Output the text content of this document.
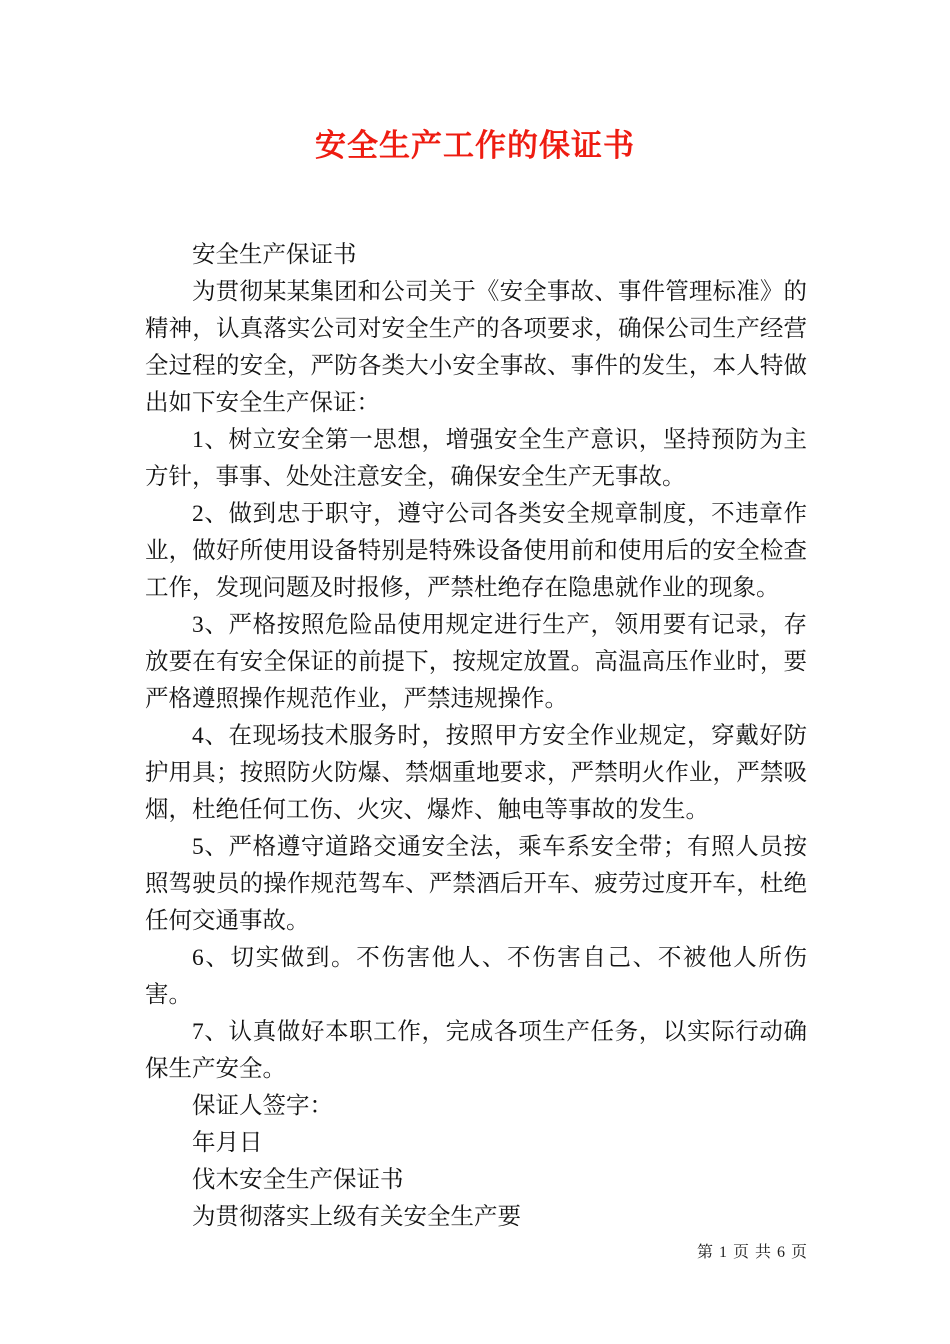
安全生产工作的保证书

安全生产保证书

为贯彻某某集团和公司关于《安全事故、事件管理标准》的精神，认真落实公司对安全生产的各项要求，确保公司生产经营全过程的安全，严防各类大小安全事故、事件的发生，本人特做出如下安全生产保证：

1、树立安全第一思想，增强安全生产意识，坚持预防为主方针，事事、处处注意安全，确保安全生产无事故。

2、做到忠于职守，遵守公司各类安全规章制度，不违章作业，做好所使用设备特别是特殊设备使用前和使用后的安全检查工作，发现问题及时报修，严禁杜绝存在隐患就作业的现象。

3、严格按照危险品使用规定进行生产，领用要有记录，存放要在有安全保证的前提下，按规定放置。高温高压作业时，要严格遵照操作规范作业，严禁违规操作。

4、在现场技术服务时，按照甲方安全作业规定，穿戴好防护用具；按照防火防爆、禁烟重地要求，严禁明火作业，严禁吸烟，杜绝任何工伤、火灾、爆炸、触电等事故的发生。

5、严格遵守道路交通安全法，乘车系安全带；有照人员按照驾驶员的操作规范驾车、严禁酒后开车、疲劳过度开车，杜绝任何交通事故。

6、切实做到。不伤害他人、不伤害自己、不被他人所伤害。

7、认真做好本职工作，完成各项生产任务，以实际行动确保生产安全。

保证人签字：

年月日

伐木安全生产保证书

为贯彻落实上级有关安全生产要

第 1 页 共 6 页
